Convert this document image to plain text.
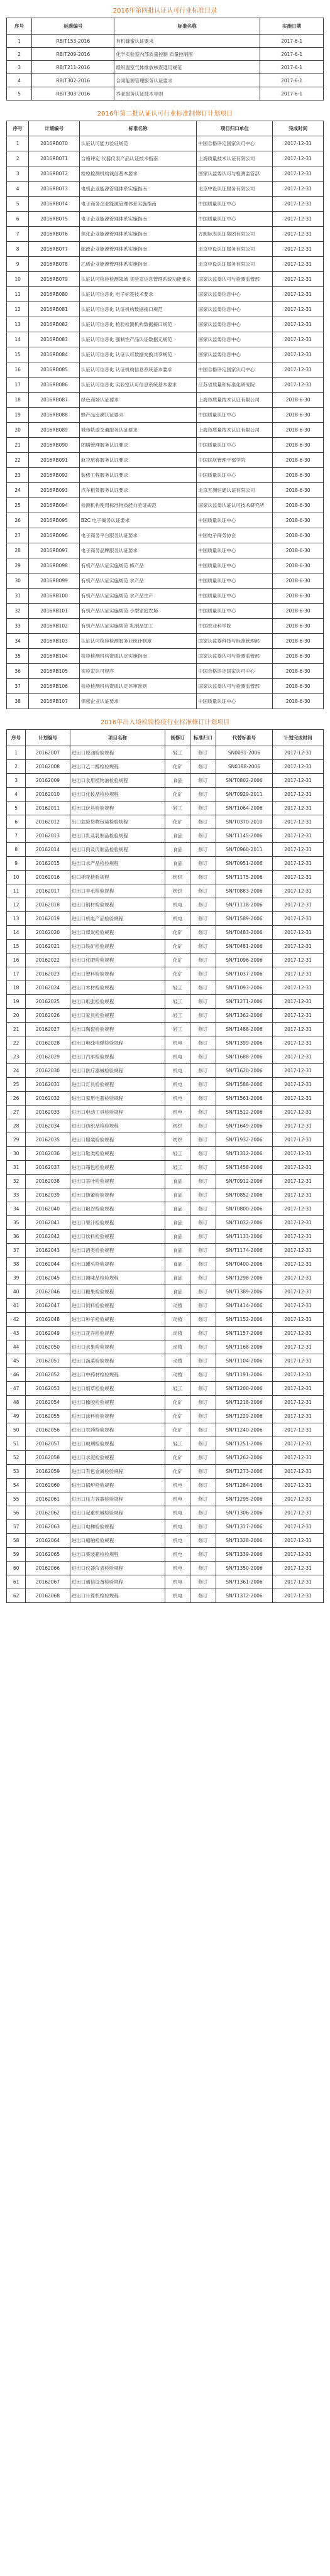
2016年第四批认证认可行业标准目录
序号	标准编号	标准名称	实施日期
1	RB/T153-2016	有机蜂蜜认证要求	2017-6-1
2	RB/T209-2016	化学实验室内部质量控制 质量控制图	2017-6-1
3	RB/T211-2016	组织温室气体排放核查通用规范	2017-6-1
4	RB/T302-2016	合同能源管理服务认证要求	2017-6-1
5	RB/T303-2016	养老服务认证技术导则	2017-6-1
2016年第二批认证认可行业标准制修订计划项目
序号	计划编号	标准名称	项目归口单位	完成时间
1	2016RB070	认证认可能力验证规范	中国合格评定国家认可中心	2017-12-31
2	2016RB071	合格评定 仪器仪表产品认证技术指南	上海质量技术认证有限公司	2017-12-31
3	2016RB072	检验检测机构诚信基本要求	国家认监委认可与检测监管部	2017-12-31
4	2016RB073	电机企业能源管理体系实施指南	北京中设认证服务有限公司	2017-12-31
5	2016RB074	电子商务企业能源管理体系实施指南	中国质量认证中心	2017-12-31
6	2016RB075	电子企业能源管理体系实施指南	中国质量认证中心	2017-12-31
7	2016RB076	焦化企业能源管理体系实施指南	方圆标志认证集团有限公司	2017-12-31
8	2016RB077	邮政企业能源管理体系实施指南	北京中设认证服务有限公司	2017-12-31
9	2016RB078	乙烯企业能源管理体系实施指南	北京中设认证服务有限公司	2017-12-31
10	2016RB079	认证认可检验检测领域 实验室信息管理系统功能要求	国家认监委认可与检测监管部	2017-12-31
11	2016RB080	认证认可信息化 电子标签技术要求	国家认监委信息中心	2017-12-31
12	2016RB081	认证认可信息化 认证机构数据接口规范	国家认监委信息中心	2017-12-31
13	2016RB082	认证认可信息化 检验检测机构数据接口规范	国家认监委信息中心	2017-12-31
14	2016RB083	认证认可信息化 强制性产品认证数据元规范	国家认监委信息中心	2017-12-31
15	2016RB084	认证认可信息化 认证认可数据交换共享规范	国家认监委信息中心	2017-12-31
16	2016RB085	认证认可信息化 认证机构信息系统基本要求	中国合格评定国家认可中心	2017-12-31
17	2016RB086	认证认可信息化 实验室认可信息系统基本要求	江苏省质量和标准化研究院	2017-12-31
18	2016RB087	绿色商场认证要求	上海市质量技术认证有限公司	2018-6-30
19	2016RB088	蜂产品追溯认证要求	中国质量认证中心	2018-6-30
20	2016RB089	城市轨道交通服务认证要求	上海市质量技术认证有限公司	2018-6-30
21	2016RB090	团膳管理服务认证要求	中国质量认证中心	2018-6-30
22	2016RB091	航空旅客服务认证要求	中国民航管理干部学院	2018-6-30
23	2016RB092	装修工程服务认证要求	中国质量认证中心	2018-6-30
24	2016RB093	汽车租赁服务认证要求	北京五洲恒通认证有限公司	2018-6-30
25	2016RB094	检测机构使用标准物质能力验证规范	国家认监委认证认可技术研究所	2018-6-30
26	2016RB095	B2C 电子商务认证要求	中国质量认证中心	2018-6-30
27	2016RB096	电子商务平台服务认证要求	中国电子商务协会	2018-6-30
28	2016RB097	电子商务品牌服务认证要求	中国质量认证中心	2018-6-30
29	2016RB098	有机产品认证实施规范 蜂产品	中国质量认证中心	2018-6-30
30	2016RB099	有机产品认证实施规范 水产品	中国质量认证中心	2018-6-30
31	2016RB100	有机产品认证实施规范 水产品生产	中国质量认证中心	2018-6-30
32	2016RB101	有机产品认证实施规范 小型家庭农场	中国质量认证中心	2018-6-30
33	2016RB102	有机产品认证实施规范 乳制品加工	中国农业科学院	2018-6-30
34	2016RB103	认证认可检验检测服务业统计制度	国家认监委科技与标准管理部	2018-6-30
35	2016RB104	检验检测机构资质认定实施指南	国家认监委认可与检测监管部	2018-6-30
36	2016RB105	实验室认可程序	中国合格评定国家认可中心	2018-6-30
37	2016RB106	检验检测机构资质认定评审准则	国家认监委认可与检测监管部	2018-6-30
38	2016RB107	保密企业认证要求	中国质量认证中心	2018-6-30
2016年出入境检验检疫行业标准修订计划项目
序号	计划编号	项目名称	制修订	标准归口	代替标准号	计划完成时间
1	20162007	进出口原油检验规程	轻工	修订	SN0091-2006	2017-12-31
2	20162008	进出口乙二醇检验规程	化矿	修订	SN0188-2006	2017-12-31
3	20162009	进出口食用植物油检验规程	食品	修订	SN/T0802-2006	2017-12-31
4	20162010	进出口化妆品检验规程	化矿	修订	SN/T0929-2011	2017-12-31
5	20162011	进出口玩具检验规程	轻工	修订	SN/T1064-2006	2017-12-31
6	20162012	出口危险货物包装检验规程	化矿	修订	SN/T0370-2010	2017-12-31
7	20162013	进出口乳及乳制品检验规程	食品	修订	SN/T1145-2006	2017-12-31
8	20162014	进出口肉及肉制品检验规程	食品	修订	SN/T0960-2011	2017-12-31
9	20162015	进出口水产品检验规程	食品	修订	SN/T0951-2006	2017-12-31
10	20162016	进口棉花检验规程	纺织	修订	SN/T1175-2006	2017-12-31
11	20162017	进出口羊毛检验规程	纺织	修订	SN/T0883-2006	2017-12-31
12	20162018	进出口钢材检验规程	机电	修订	SN/T1118-2006	2017-12-31
13	20162019	进出口机电产品检验规程	机电	修订	SN/T1589-2006	2017-12-31
14	20162020	进出口煤炭检验规程	化矿	修订	SN/T0483-2006	2017-12-31
15	20162021	进出口铁矿检验规程	化矿	修订	SN/T0481-2006	2017-12-31
16	20162022	进出口化肥检验规程	化矿	修订	SN/T1096-2006	2017-12-31
17	20162023	进出口塑料检验规程	化矿	修订	SN/T1037-2006	2017-12-31
18	20162024	进出口木材检验规程	轻工	修订	SN/T1093-2006	2017-12-31
19	20162025	进出口纸张检验规程	轻工	修订	SN/T1271-2006	2017-12-31
20	20162026	进出口家具检验规程	轻工	修订	SN/T1362-2006	2017-12-31
21	20162027	进出口陶瓷检验规程	轻工	修订	SN/T1488-2006	2017-12-31
22	20162028	进出口电线电缆检验规程	机电	修订	SN/T1399-2006	2017-12-31
23	20162029	进出口汽车检验规程	机电	修订	SN/T1688-2006	2017-12-31
24	20162030	进出口医疗器械检验规程	机电	修订	SN/T1620-2006	2017-12-31
25	20162031	进出口灯具检验规程	机电	修订	SN/T1588-2006	2017-12-31
26	20162032	进出口家用电器检验规程	机电	修订	SN/T1561-2006	2017-12-31
27	20162033	进出口电动工具检验规程	机电	修订	SN/T1512-2006	2017-12-31
28	20162034	进出口纺织品检验规程	纺织	修订	SN/T1649-2006	2017-12-31
29	20162035	进出口服装检验规程	纺织	修订	SN/T1932-2006	2017-12-31
30	20162036	进出口鞋类检验规程	轻工	修订	SN/T1312-2006	2017-12-31
31	20162037	进出口箱包检验规程	轻工	修订	SN/T1458-2006	2017-12-31
32	20162038	进出口茶叶检验规程	食品	修订	SN/T0912-2006	2017-12-31
33	20162039	进出口蜂蜜检验规程	食品	修订	SN/T0852-2006	2017-12-31
34	20162040	进出口粮谷检验规程	食品	修订	SN/T0800-2006	2017-12-31
35	20162041	进出口果汁检验规程	食品	修订	SN/T1032-2006	2017-12-31
36	20162042	进出口饮料检验规程	食品	修订	SN/T1133-2006	2017-12-31
37	20162043	进出口酒类检验规程	食品	修订	SN/T1174-2006	2017-12-31
38	20162044	进出口罐头检验规程	食品	修订	SN/T0400-2006	2017-12-31
39	20162045	进出口调味品检验规程	食品	修订	SN/T1298-2006	2017-12-31
40	20162046	进出口糖果检验规程	食品	修订	SN/T1389-2006	2017-12-31
41	20162047	进出口饲料检验规程	动植	修订	SN/T1414-2006	2017-12-31
42	20162048	进出口种子检验规程	动植	修订	SN/T1152-2006	2017-12-31
43	20162049	进出口花卉检验规程	动植	修订	SN/T1157-2006	2017-12-31
44	20162050	进出口水果检验规程	动植	修订	SN/T1168-2006	2017-12-31
45	20162051	进出口蔬菜检验规程	动植	修订	SN/T1104-2006	2017-12-31
46	20162052	进出口中药材检验规程	动植	修订	SN/T1191-2006	2017-12-31
47	20162053	进出口烟草检验规程	轻工	修订	SN/T1200-2006	2017-12-31
48	20162054	进出口橡胶检验规程	化矿	修订	SN/T1218-2006	2017-12-31
49	20162055	进出口涂料检验规程	化矿	修订	SN/T1229-2006	2017-12-31
50	20162056	进出口农药检验规程	化矿	修订	SN/T1240-2006	2017-12-31
51	20162057	进出口玻璃检验规程	轻工	修订	SN/T1251-2006	2017-12-31
52	20162058	进出口水泥检验规程	化矿	修订	SN/T1262-2006	2017-12-31
53	20162059	进出口有色金属检验规程	化矿	修订	SN/T1273-2006	2017-12-31
54	20162060	进出口锅炉检验规程	机电	修订	SN/T1284-2006	2017-12-31
55	20162061	进出口压力容器检验规程	机电	修订	SN/T1295-2006	2017-12-31
56	20162062	进出口起重机械检验规程	机电	修订	SN/T1306-2006	2017-12-31
57	20162063	进出口电梯检验规程	机电	修订	SN/T1317-2006	2017-12-31
58	20162064	进出口船舶检验规程	机电	修订	SN/T1328-2006	2017-12-31
59	20162065	进出口集装箱检验规程	机电	修订	SN/T1339-2006	2017-12-31
60	20162066	进出口仪器仪表检验规程	机电	修订	SN/T1350-2006	2017-12-31
61	20162067	进出口通信设备检验规程	机电	修订	SN/T1361-2006	2017-12-31
62	20162068	进出口计算机检验规程	机电	修订	SN/T1372-2006	2017-12-31
